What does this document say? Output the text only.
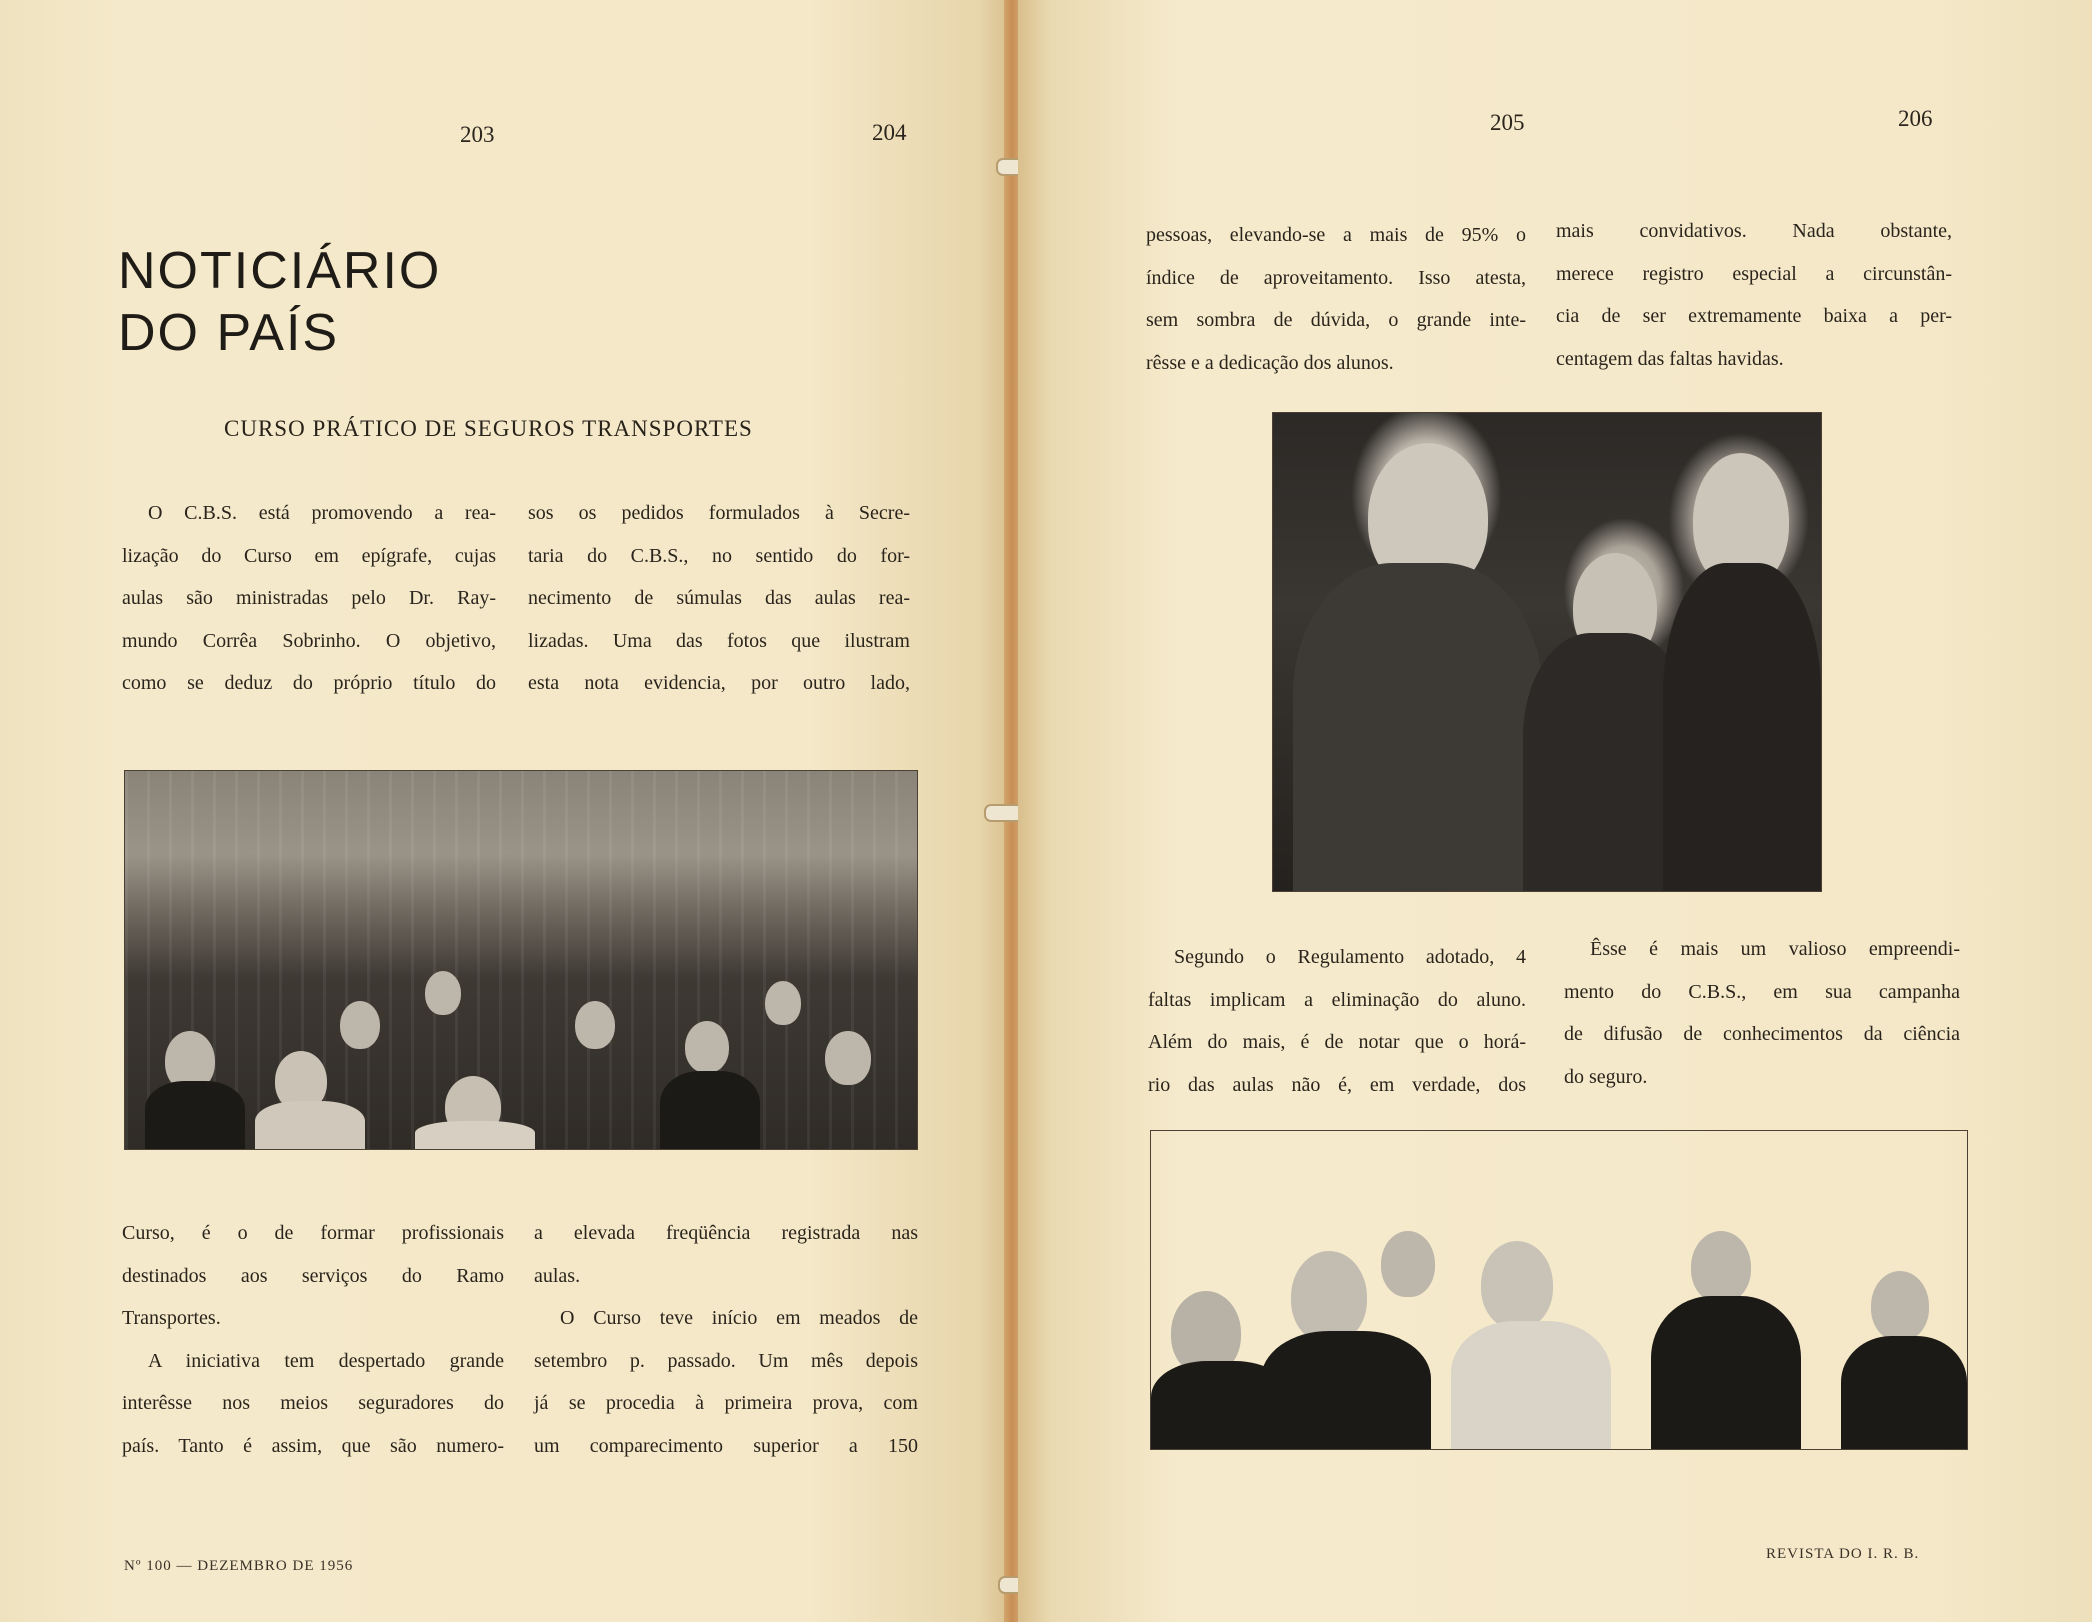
203	204
NOTICIÁRIO
DO PAÍS
CURSO PRÁTICO DE SEGUROS TRANSPORTES

O C.B.S. está promovendo a rea-

lização do Curso em epígrafe, cujas

aulas são ministradas pelo Dr. Ray-

mundo Corrêa Sobrinho. O objetivo,

como se deduz do próprio título do

sos os pedidos formulados à Secre-

taria do C.B.S., no sentido do for-

necimento de súmulas das aulas rea-

lizadas. Uma das fotos que ilustram

esta nota evidencia, por outro lado,

Curso, é o de formar profissionais

destinados aos serviços do Ramo

Transportes.

A iniciativa tem despertado grande

interêsse nos meios seguradores do

país. Tanto é assim, que são numero-

a elevada freqüência registrada nas

aulas.

O Curso teve início em meados de

setembro p. passado. Um mês depois

já se procedia à primeira prova, com

um comparecimento superior a 150

Nº 100 — DEZEMBRO DE 1956
205	206

pessoas, elevando-se a mais de 95% o

índice de aproveitamento. Isso atesta,

sem sombra de dúvida, o grande inte-

rêsse e a dedicação dos alunos.

mais convidativos. Nada obstante,

merece registro especial a circunstân-

cia de ser extremamente baixa a per-

centagem das faltas havidas.

Segundo o Regulamento adotado, 4

faltas implicam a eliminação do aluno.

Além do mais, é de notar que o horá-

rio das aulas não é, em verdade, dos

Êsse é mais um valioso empreendi-

mento do C.B.S., em sua campanha

de difusão de conhecimentos da ciência

do seguro.

REVISTA DO I. R. B.
